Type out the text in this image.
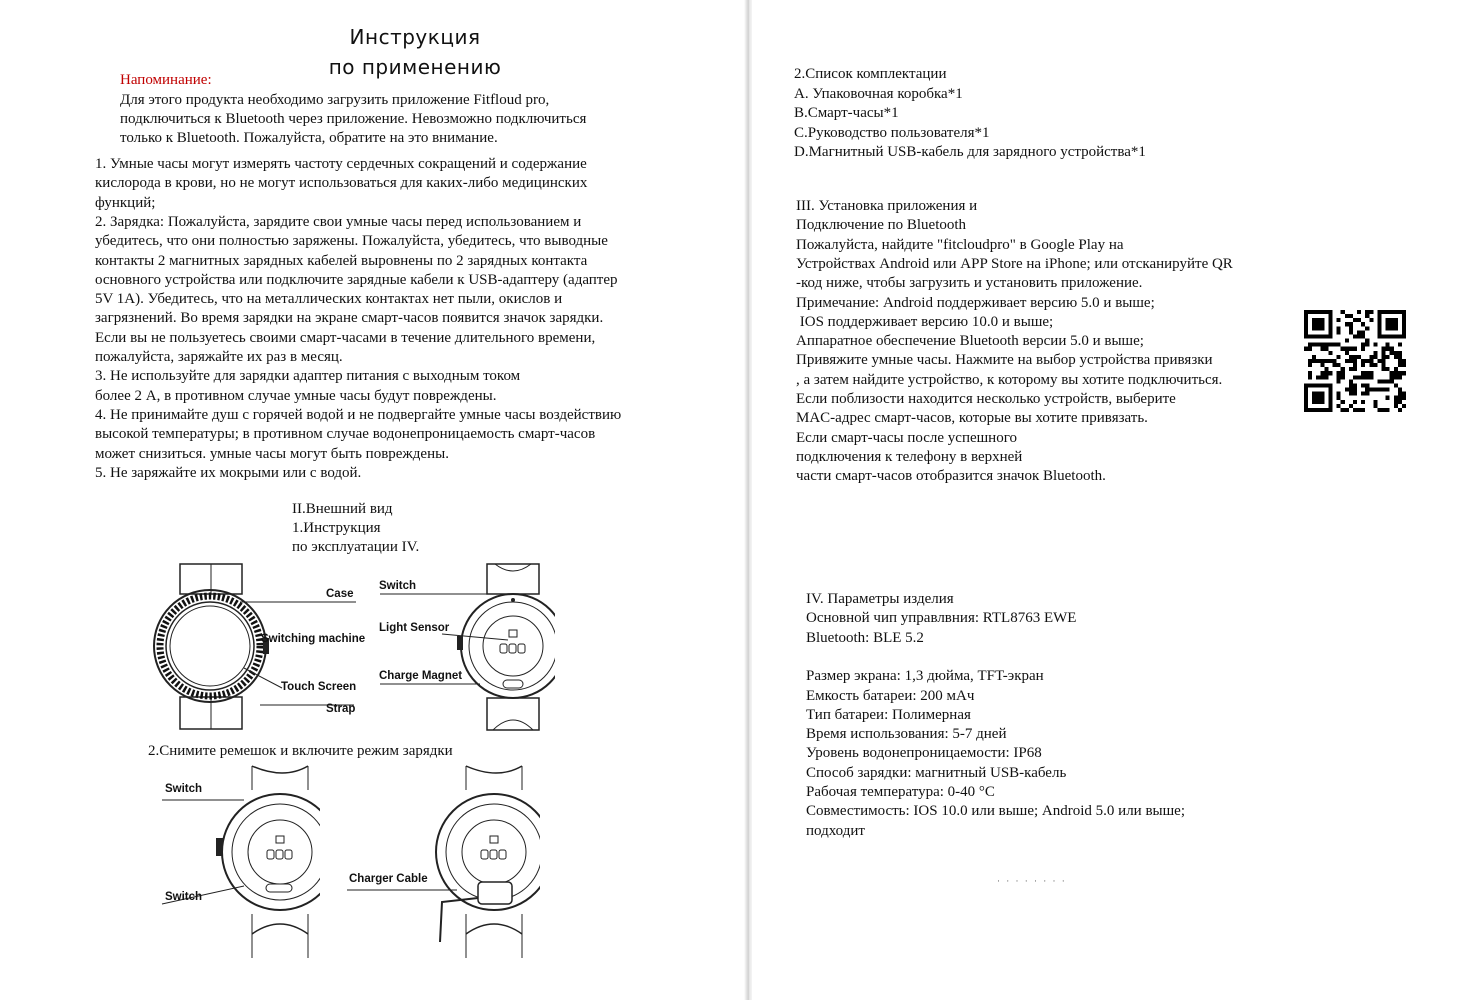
Инструкция
по применению
Напоминание:
Для этого продукта необходимо загрузить приложение Fitfloud pro,
подключиться к Bluetooth через приложение. Невозможно подключиться
только к Bluetooth. Пожалуйста, обратите на это внимание.
1. Умные часы могут измерять частоту сердечных сокращений и содержание
кислорода в крови, но не могут использоваться для каких-либо медицинских
функций;
2. Зарядка: Пожалуйста, зарядите свои умные часы перед использованием и
убедитесь, что они полностью заряжены. Пожалуйста, убедитесь, что выводные
контакты 2 магнитных зарядных кабелей выровнены по 2 зарядных контакта
основного устройства или подключите зарядные кабели к USB-адаптеру (адаптер
5V 1A). Убедитесь, что на металлических контактах нет пыли, окислов и
загрязнений. Во время зарядки на экране смарт-часов появится значок зарядки.
Если вы не пользуетесь своими смарт-часами в течение длительного времени,
пожалуйста, заряжайте их раз в месяц.
3. Не используйте для зарядки адаптер питания с выходным током
более 2 А, в противном случае умные часы будут повреждены.
4. Не принимайте душ с горячей водой и не подвергайте умные часы воздействию
высокой температуры; в противном случае водонепроницаемость смарт-часов
может снизиться. умные часы могут быть повреждены.
5. Не заряжайте их мокрыми или с водой.
II.Внешний вид
1.Инструкция
по эксплуатации IV.
Case
Switching machine
Touch Screen
Strap
Switch
Light Sensor
Charge Magnet
2.Снимите ремешок и включите режим зарядки
Switch
Switch
Charger Cable
2.Список комплектации
А. Упаковочная коробка*1
В.Смарт-часы*1
С.Руководство пользователя*1
D.Магнитный USB-кабель для зарядного устройства*1
III. Установка приложения и
Подключение по Bluetooth
Пожалуйста, найдите "fitcloudpro" в Google Play на
Устройствах Android или APP Store на iPhone; или отсканируйте QR
-код ниже, чтобы загрузить и установить приложение.
Примечание: Android поддерживает версию 5.0 и выше;
IOS поддерживает версию 10.0 и выше;
Аппаратное обеспечение Bluetooth версии 5.0 и выше;
Привяжите умные часы. Нажмите на выбор устройства привязки
, а затем найдите устройство, к которому вы хотите подключиться.
Если поблизости находится несколько устройств, выберите
MAC-адрес смарт-часов, которые вы хотите привязать.
Если смарт-часы после успешного
подключения к телефону в верхней
части смарт-часов отобразится значок Bluetooth.
IV. Параметры изделия
Основной чип управлвния: RTL8763 EWE
Bluetooth: BLE 5.2
Размер экрана: 1,3 дюйма, TFT-экран
Емкость батареи: 200 мАч
Тип батареи: Полимерная
Время использования: 5-7 дней
Уровень водонепроницаемости: IP68
Способ зарядки: магнитный USB-кабель
Рабочая температура: 0-40 °C
Совместимость: IOS 10.0 или выше; Android 5.0 или выше;
подходит
· · · · · · · ·
